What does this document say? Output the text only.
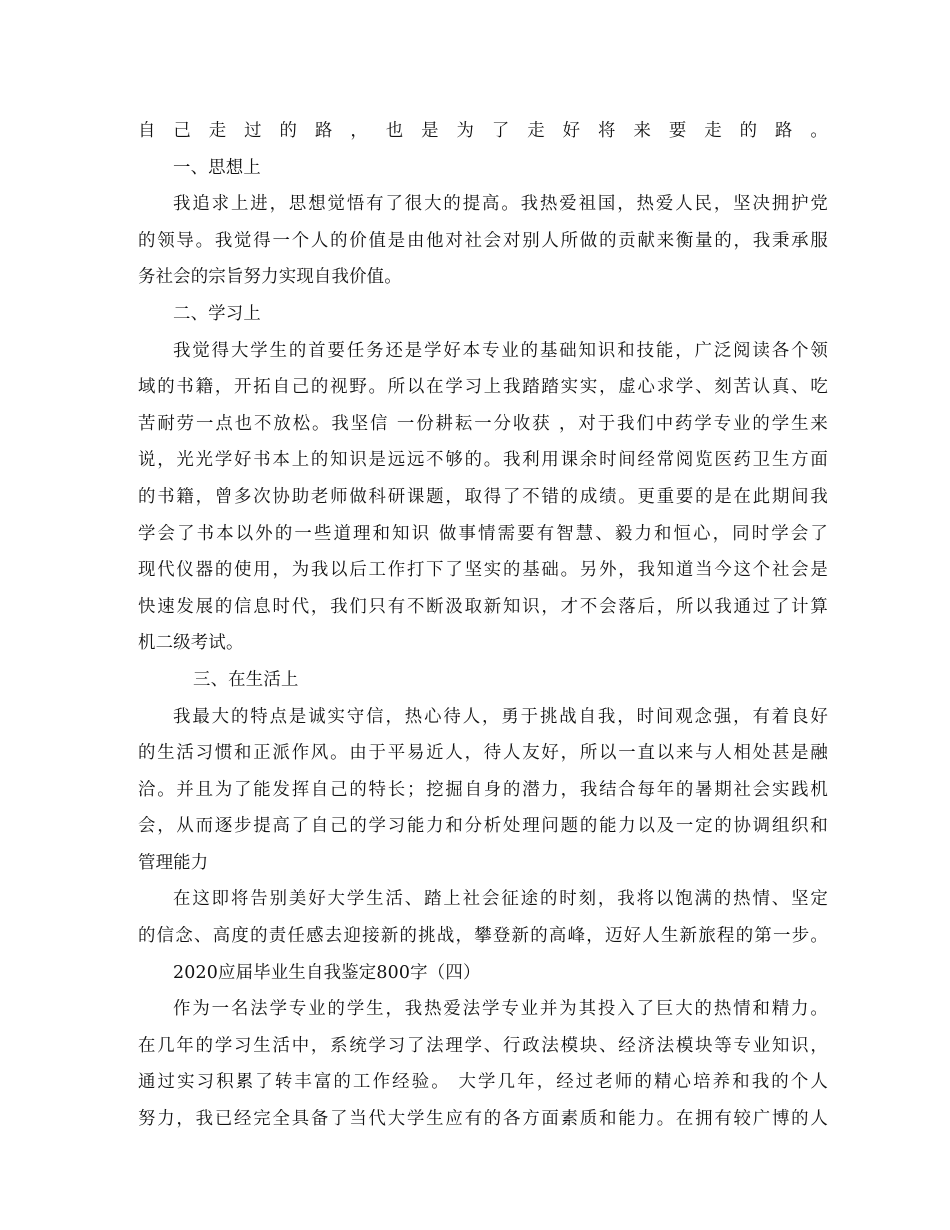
自己走过的路，也是为了走好将来要走的路。
一、思想上
我追求上进，思想觉悟有了很大的提高。我热爱祖国，热爱人民，坚决拥护党
的领导。我觉得一个人的价值是由他对社会对别人所做的贡献来衡量的，我秉承服
务社会的宗旨努力实现自我价值。
二、学习上
我觉得大学生的首要任务还是学好本专业的基础知识和技能，广泛阅读各个领
域的书籍，开拓自己的视野。所以在学习上我踏踏实实，虚心求学、刻苦认真、吃
苦耐劳一点也不放松。我坚信 一份耕耘一分收获 ，对于我们中药学专业的学生来
说，光光学好书本上的知识是远远不够的。我利用课余时间经常阅览医药卫生方面
的书籍，曾多次协助老师做科研课题，取得了不错的成绩。更重要的是在此期间我
学会了书本以外的一些道理和知识 做事情需要有智慧、毅力和恒心，同时学会了
现代仪器的使用，为我以后工作打下了坚实的基础。另外，我知道当今这个社会是
快速发展的信息时代，我们只有不断汲取新知识，才不会落后，所以我通过了计算
机二级考试。
三、在生活上
我最大的特点是诚实守信，热心待人，勇于挑战自我，时间观念强，有着良好
的生活习惯和正派作风。由于平易近人，待人友好，所以一直以来与人相处甚是融
洽。并且为了能发挥自己的特长；挖掘自身的潜力，我结合每年的暑期社会实践机
会，从而逐步提高了自己的学习能力和分析处理问题的能力以及一定的协调组织和
管理能力
在这即将告别美好大学生活、踏上社会征途的时刻，我将以饱满的热情、坚定
的信念、高度的责任感去迎接新的挑战，攀登新的高峰，迈好人生新旅程的第一步。
2020应届毕业生自我鉴定800字（四）
作为一名法学专业的学生，我热爱法学专业并为其投入了巨大的热情和精力。
在几年的学习生活中，系统学习了法理学、行政法模块、经济法模块等专业知识，
通过实习积累了转丰富的工作经验。 大学几年，经过老师的精心培养和我的个人
努力，我已经完全具备了当代大学生应有的各方面素质和能力。在拥有较广博的人
